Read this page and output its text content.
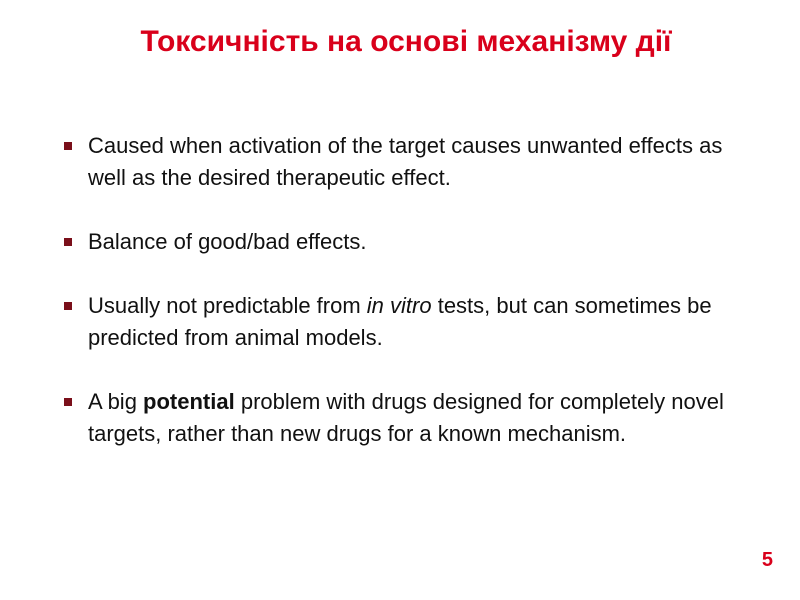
Токсичність на основі механізму дії
Caused when activation of the target causes unwanted effects as well as the desired therapeutic effect.
Balance of good/bad effects.
Usually not predictable from in vitro tests, but can sometimes be predicted from animal models.
A big potential problem with drugs designed for completely novel targets, rather than new drugs for a known mechanism.
5
